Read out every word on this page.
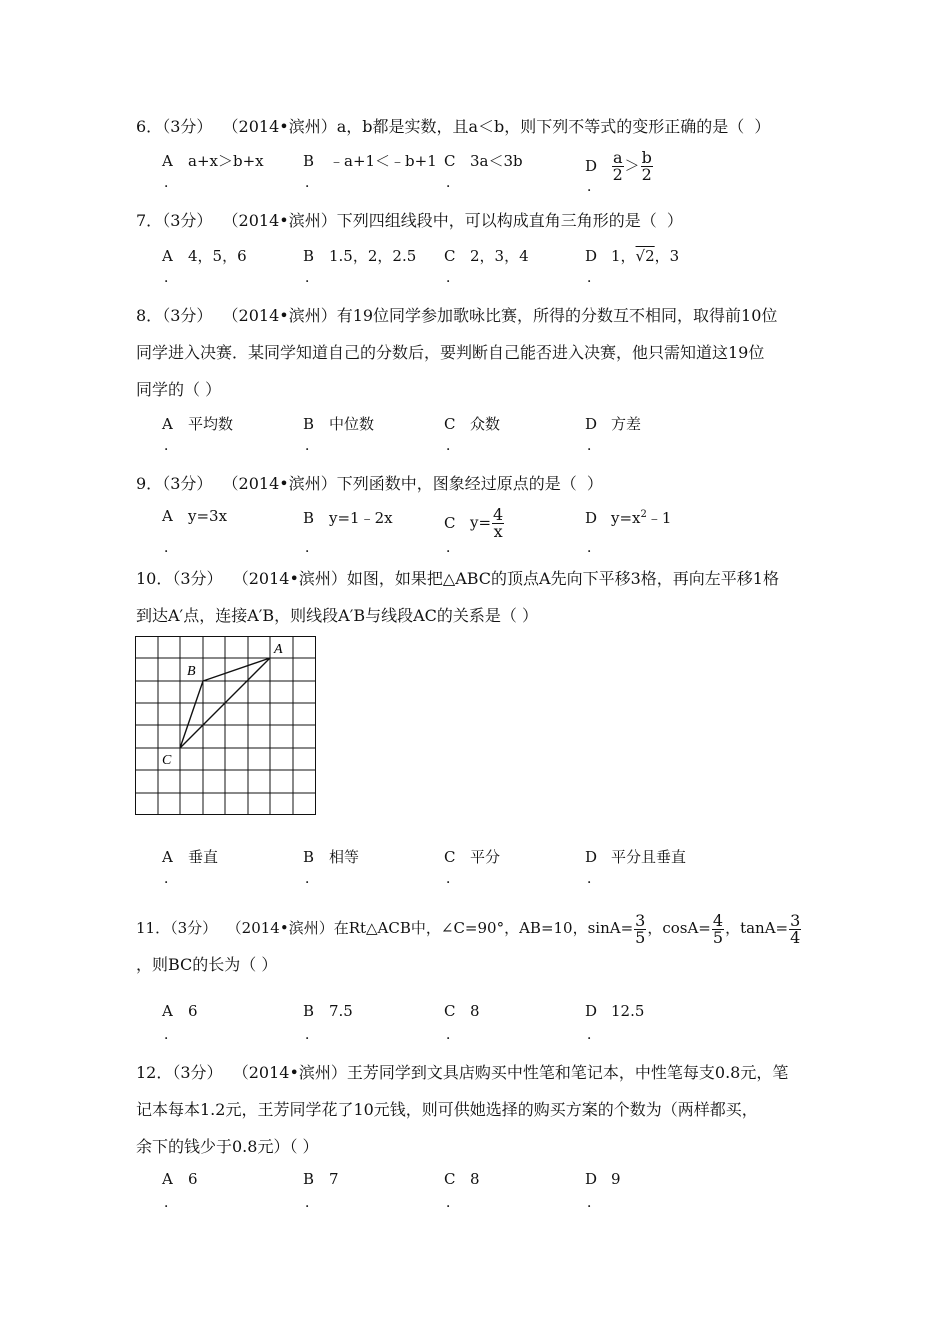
6．（3分）  （2014•滨州）a，b都是实数，且a＜b，则下列不等式的变形正确的是（  ）
A a+x＞b+x
．
B ﹣a+1＜﹣b+1
．
C 3a＜3b
．
D $\frac{a}{2} > \frac{b}{2}$
．
7．（3分）  （2014•滨州）下列四组线段中，可以构成直角三角形的是（  ）
A 4，5，6
．
B 1.5，2，2.5
．
C 2，3，4
．
D 1，√2，3
．
8．（3分）  （2014•滨州）有19位同学参加歌咏比赛，所得的分数互不相同，取得前10位
同学进入决赛．某同学知道自己的分数后，要判断自己能否进入决赛，他只需知道这19位
同学的（ ）
A 平均数
．
B 中位数
．
C 众数
．
D 方差
．
9．（3分）  （2014•滨州）下列函数中，图象经过原点的是（  ）
A y=3x
．
B y=1﹣2x
．
C $y= \frac{4}{x}$
．
D $y=x^2﹣1$
．
10．（3分）  （2014•滨州）如图，如果把△ABC的顶点A先向下平移3格，再向左平移1格
到达A′点，连接A′B，则线段A′B与线段AC的关系是（ ）
A
B
C
A 垂直
．
B 相等
．
C 平分
．
D 平分且垂直
．
11．（3分）  （2014•滨州）在Rt△ACB中，∠C=90°，AB=10，$\sin A= \frac{3}{5}$ ，$\cos A= \frac{4}{5}$ ，$\tan A= \frac{3}{4}$
，则BC的长为（ ）
A 6
．
B 7.5
．
C 8
．
D 12.5
．
12．（3分）  （2014•滨州）王芳同学到文具店购买中性笔和笔记本，中性笔每支0.8元，笔
记本每本1.2元，王芳同学花了10元钱，则可供她选择的购买方案的个数为（两样都买，
余下的钱少于0.8元）（ ）
A 6
．
B 7
．
C 8
．
D 9
．
